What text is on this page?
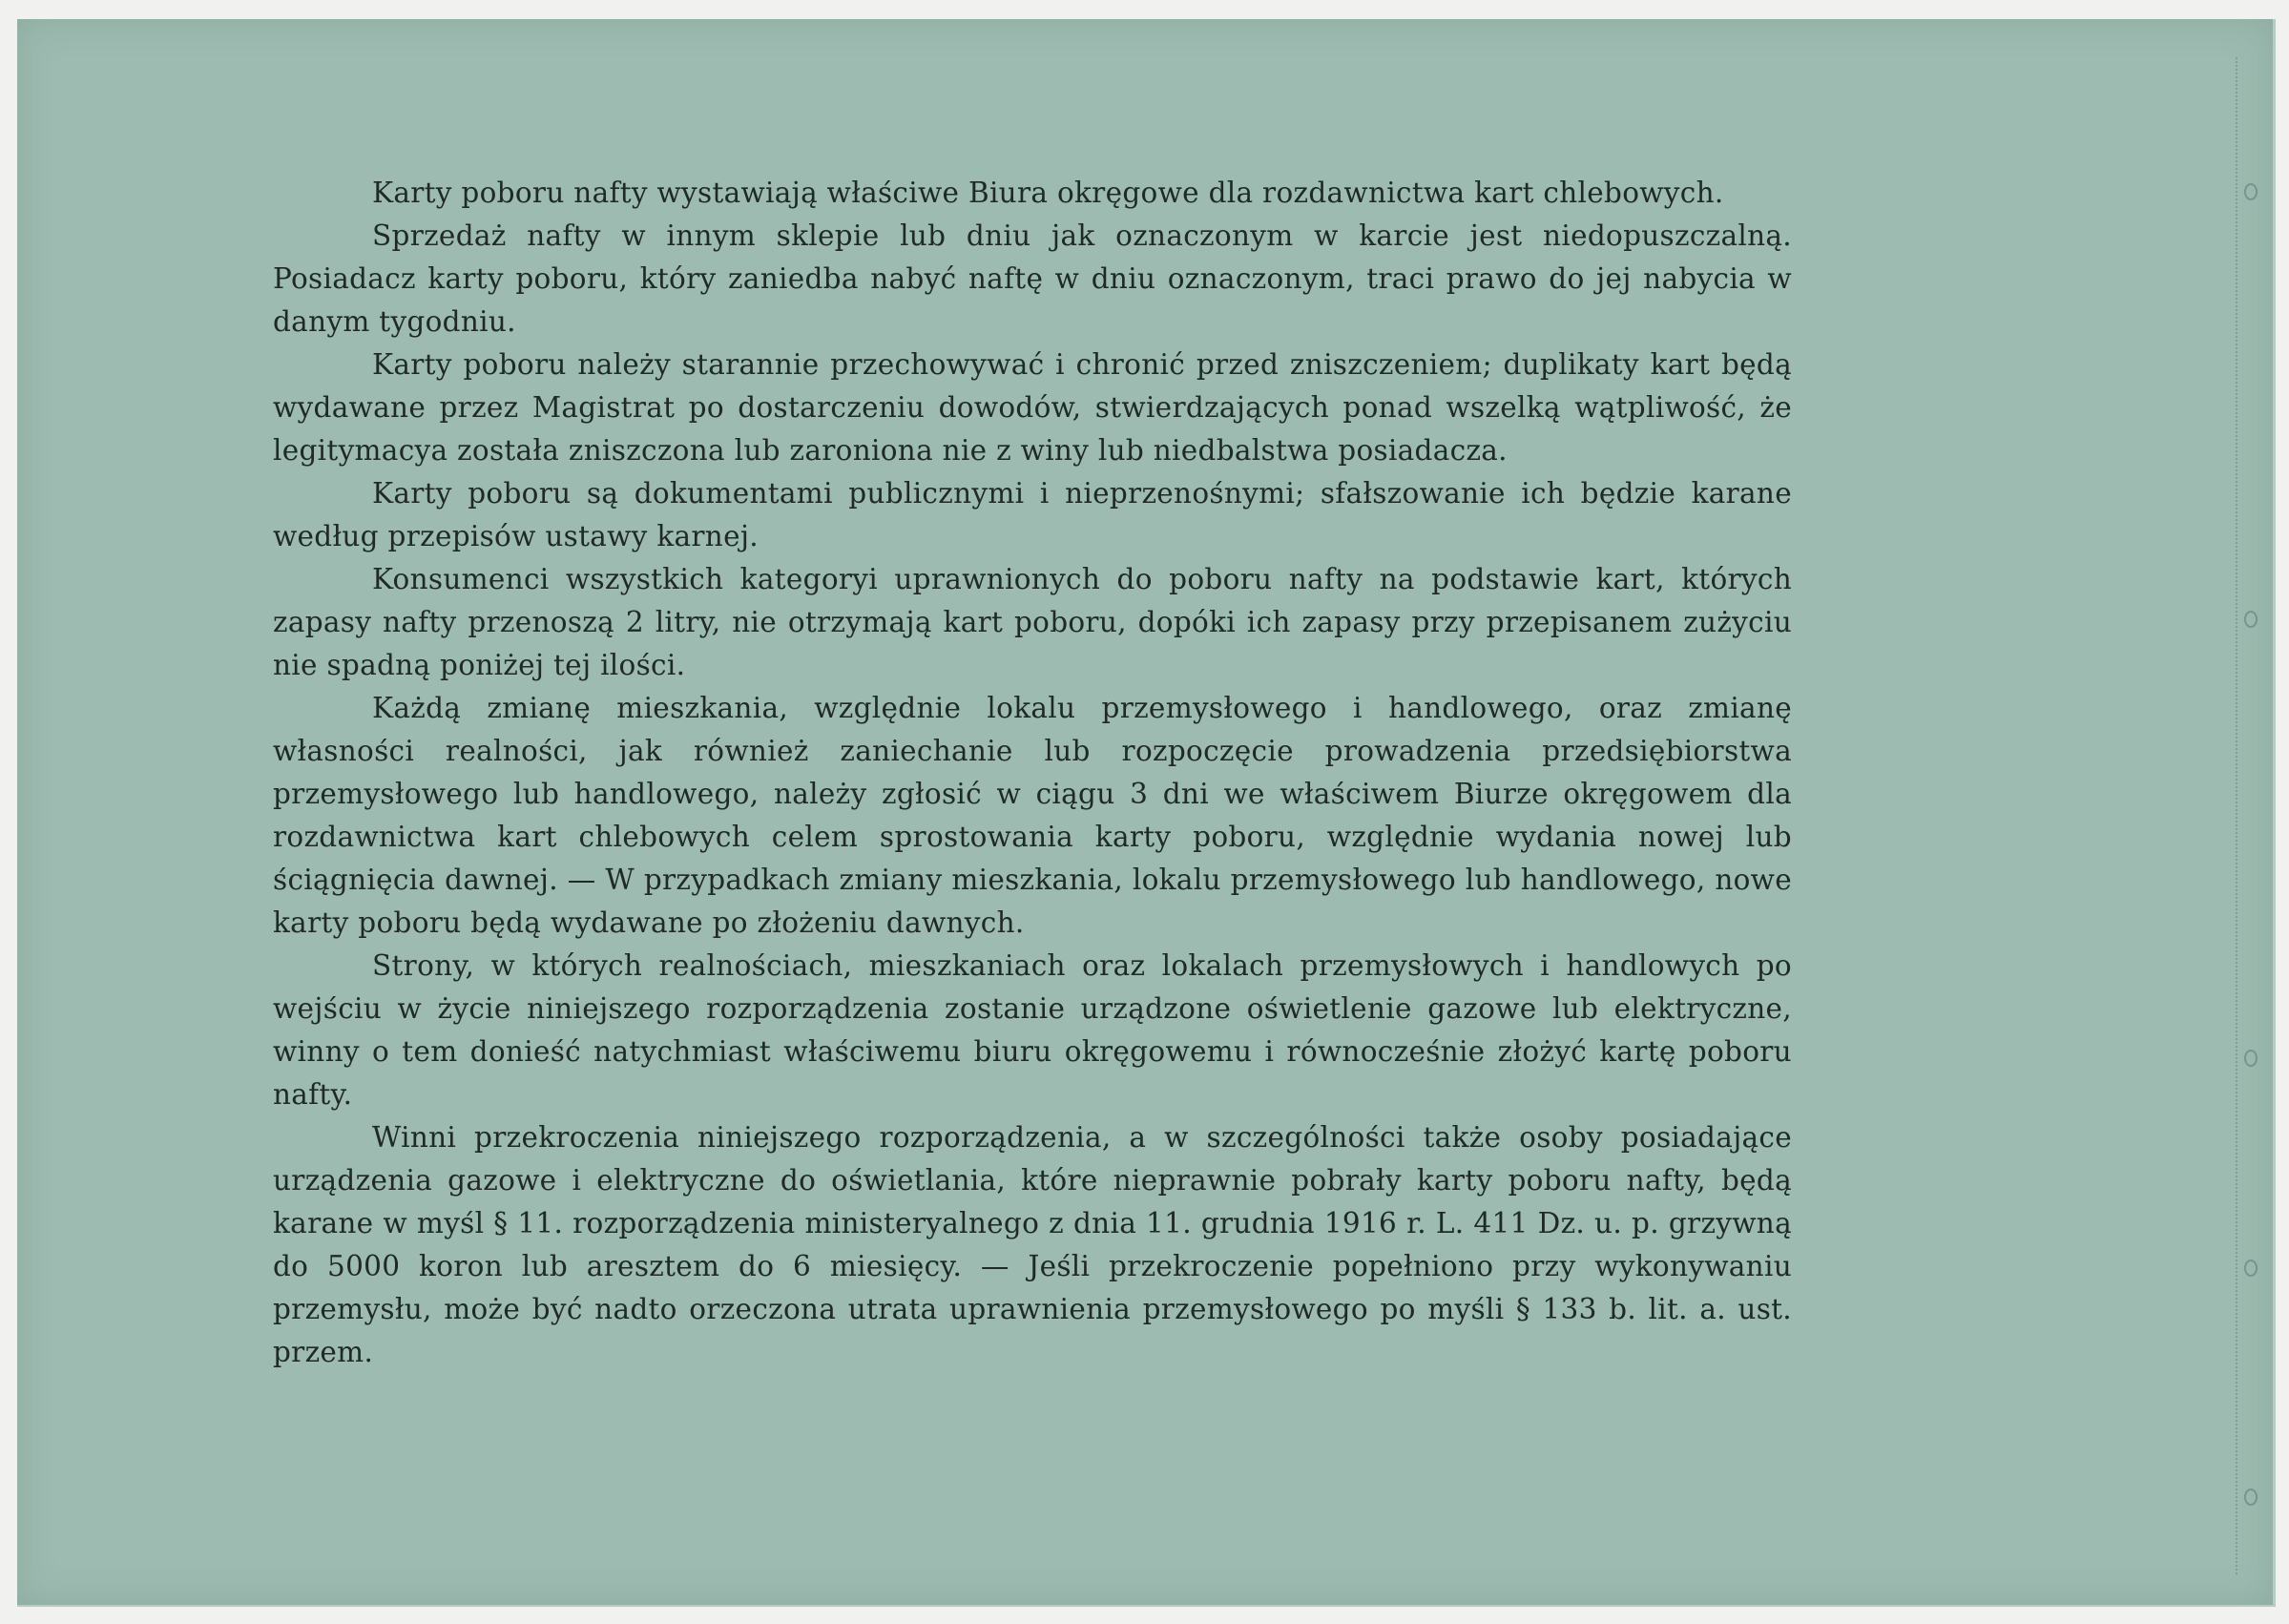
Karty poboru nafty wystawiają właściwe Biura okręgowe dla rozdawnictwa kart chlebowych.

Sprzedaż nafty w innym sklepie lub dniu jak oznaczonym w karcie jest niedopuszczalną. Posiadacz karty poboru, który zaniedba nabyć naftę w dniu oznaczonym, traci prawo do jej nabycia w danym tygodniu.

Karty poboru należy starannie przechowywać i chronić przed zniszczeniem; duplikaty kart będą wydawane przez Magistrat po dostarczeniu dowodów, stwierdzających ponad wszelką wątpliwość, że legitymacya została zniszczona lub zaroniona nie z winy lub niedbalstwa posiadacza.

Karty poboru są dokumentami publicznymi i nieprzenośnymi; sfałszowanie ich będzie karane według przepisów ustawy karnej.

Konsumenci wszystkich kategoryi uprawnionych do poboru nafty na podstawie kart, których zapasy nafty przenoszą 2 litry, nie otrzymają kart poboru, dopóki ich zapasy przy przepisanem zużyciu nie spadną poniżej tej ilości.

Każdą zmianę mieszkania, względnie lokalu przemysłowego i handlowego, oraz zmianę własności realności, jak również zaniechanie lub rozpoczęcie prowadzenia przedsiębiorstwa przemysłowego lub handlowego, należy zgłosić w ciągu 3 dni we właściwem Biurze okręgowem dla rozdawnictwa kart chlebowych celem sprostowania karty poboru, względnie wydania nowej lub ściągnięcia dawnej. — W przypadkach zmiany mieszkania, lokalu przemysłowego lub handlowego, nowe karty poboru będą wydawane po złożeniu dawnych.

Strony, w których realnościach, mieszkaniach oraz lokalach przemysłowych i handlowych po wejściu w życie niniejszego rozporządzenia zostanie urządzone oświetlenie gazowe lub elektryczne, winny o tem donieść natychmiast właściwemu biuru okręgowemu i równocześnie złożyć kartę poboru nafty.

Winni przekroczenia niniejszego rozporządzenia, a w szczególności także osoby posiadające urządzenia gazowe i elektryczne do oświetlania, które nieprawnie pobrały karty poboru nafty, będą karane w myśl § 11. rozporządzenia ministeryalnego z dnia 11. grudnia 1916 r. L. 411 Dz. u. p. grzywną do 5000 koron lub aresztem do 6 miesięcy. — Jeśli przekroczenie popełniono przy wykonywaniu przemysłu, może być nadto orzeczona utrata uprawnienia przemysłowego po myśli § 133 b. lit. a. ust. przem.
